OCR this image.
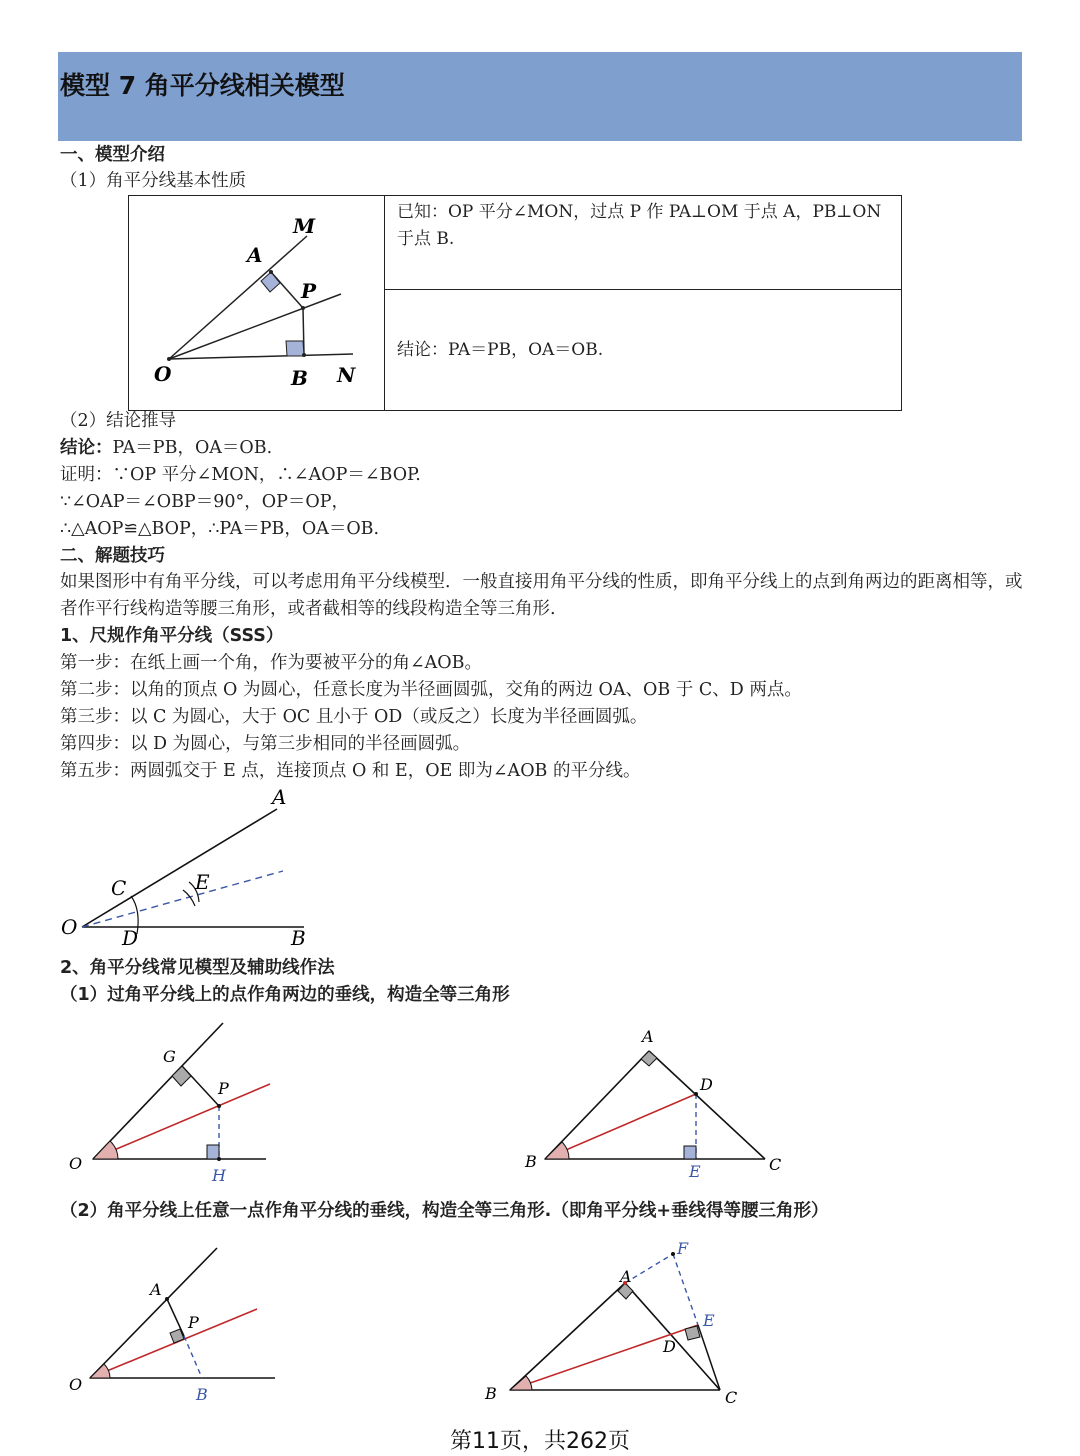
模型 7 角平分线相关模型
一、模型介绍
（1）角平分线基本性质
M
A
P
O	B N

已知：OP 平分∠MON，过点 P 作 PA⊥OM 于点 A，PB⊥ON 于点 B.

结论：PA＝PB，OA＝OB.
（2）结论推导
结论：PA＝PB，OA＝OB.
证明：∵OP 平分∠MON，∴∠AOP＝∠BOP.
∵∠OAP＝∠OBP＝90°，OP＝OP，
∴△AOP≌△BOP，∴PA＝PB，OA＝OB.
二、解题技巧
如果图形中有角平分线，可以考虑用角平分线模型．一般直接用角平分线的性质，即角平分线上的点到角两边的距离相等，或者作平行线构造等腰三角形，或者截相等的线段构造全等三角形.
1、尺规作角平分线（SSS）
第一步：在纸上画一个角，作为要被平分的角∠AOB。
第二步：以角的顶点 O 为圆心，任意长度为半径画圆弧，交角的两边 OA、OB 于 C、D 两点。
第三步：以 C 为圆心，大于 OC 且小于 OD（或反之）长度为半径画圆弧。
第四步：以 D 为圆心，与第三步相同的半径画圆弧。
第五步：两圆弧交于 E 点，连接顶点 O 和 E，OE 即为∠AOB 的平分线。
A
C	E
O D	B
2、角平分线常见模型及辅助线作法
（1）过角平分线上的点作角两边的垂线，构造全等三角形
G
P
O
H
A
D
B
E	C
（2）角平分线上任意一点作角平分线的垂线，构造全等三角形.（即角平分线+垂线得等腰三角形）
A
P
O
B
F
A
E
D
B	C
第11页，共262页
